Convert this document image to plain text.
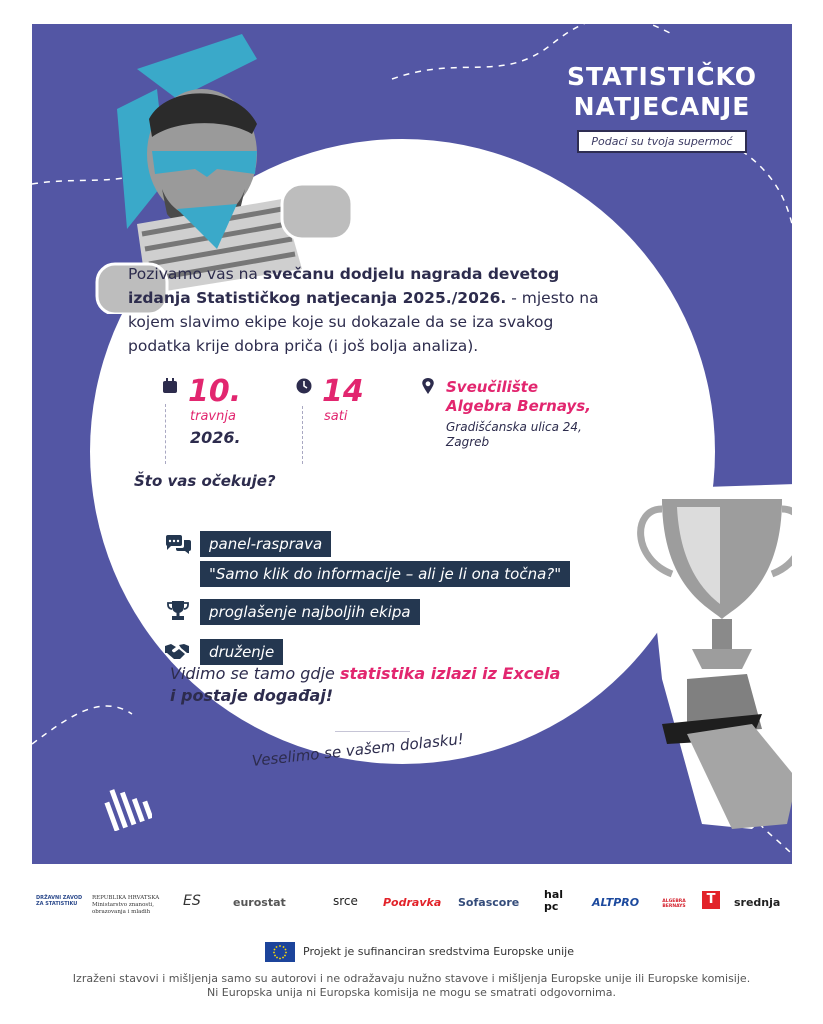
STATISTIČKO
NATJECANJE
Podaci su tvoja supermoć

Pozivamo vas na svečanu dodjelu nagrada devetog izdanja Statističkog natjecanja 2025./2026. - mjesto na kojem slavimo ekipe koje su dokazale da se iza svakog podatka krije dobra priča (i još bolja analiza).

10.
travnja
2026.
14
sati
Sveučilište
Algebra Bernays,
Gradišćanska ulica 24,
Zagreb
Što vas očekuje?
panel-rasprava
"Samo klik do informacije – ali je li ona točna?"
proglašenje najboljih ekipa
druženje
Vidimo se tamo gdje statistika izlazi iz Excela
i postaje događaj!
Veselimo se vašem dolasku!
DRŽAVNI ZAVOD ZA STATISTIKU
REPUBLIKA HRVATSKA Ministarstvo znanosti, obrazovanja i mladih
ES	eurostat	srce Podravka Sofascore
hal pc	ALTPRO	ALGEBRA BERNAYS	T	srednja
Projekt je sufinanciran sredstvima Europske unije
Izraženi stavovi i mišljenja samo su autorovi i ne odražavaju nužno stavove i mišljenja Europske unije ili Europske komisije.
Ni Europska unija ni Europska komisija ne mogu se smatrati odgovornima.
